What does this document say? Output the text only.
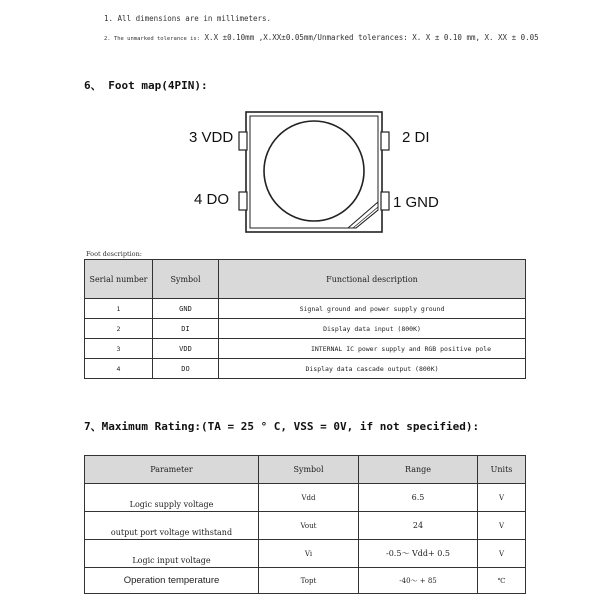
1. All dimensions are in millimeters.
2. The unmarked tolerance is: X.X ±0.10mm ,X.XX±0.05mm/Unmarked tolerances: X. X ± 0.10 mm, X. XX ± 0.05
6、 Foot map(4PIN):
3 VDD	2 DI
4 DO	1 GND
Foot description:
Serial number	Symbol	Functional description
1	GND	Signal ground and power supply ground
2	DI	Display data input (800K)
3	VDD	INTERNAL IC power supply and RGB positive pole
4	DO	Display data cascade output (800K)
7、Maximum Rating:(TA = 25 ° C, VSS = 0V, if not specified):
Parameter	Symbol	Range	Units
Logic supply voltage	Vdd	6.5	V
output port voltage withstand	Vout	24	V
Logic input voltage	Vi	-0.5～ Vdd+ 0.5	V
Operation temperature	Topt	-40～ + 85	℃
